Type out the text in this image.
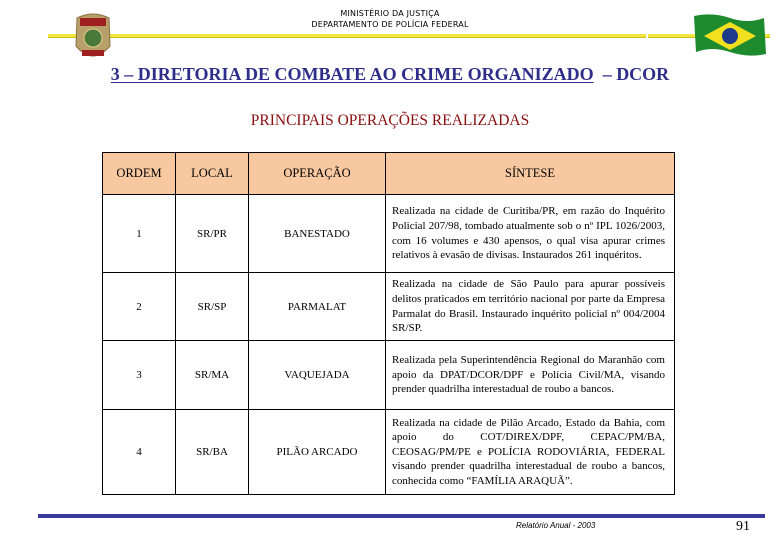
MINISTÉRIO DA JUSTIÇA
DEPARTAMENTO DE POLÍCIA FEDERAL
3 – DIRETORIA DE COMBATE AO CRIME ORGANIZADO – DCOR
PRINCIPAIS OPERAÇÕES REALIZADAS
ORDEM	LOCAL	OPERAÇÃO	SÍNTESE
1	SR/PR	BANESTADO	Realizada na cidade de Curitiba/PR, em razão do Inquérito Policial 207/98, tombado atualmente sob o nº IPL 1026/2003, com 16 volumes e 430 apensos, o qual visa apurar crimes relativos à evasão de divisas. Instaurados 261 inquéritos.
2	SR/SP	PARMALAT	Realizada na cidade de São Paulo para apurar possíveis delitos praticados em território nacional por parte da Empresa Parmalat do Brasil. Instaurado inquérito policial nº 004/2004 SR/SP.
3	SR/MA	VAQUEJADA	Realizada pela Superintendência Regional do Maranhão com apoio da DPAT/DCOR/DPF e Polícia Civil/MA, visando prender quadrilha interestadual de roubo a bancos.
4	SR/BA	PILÃO ARCADO	Realizada na cidade de Pilão Arcado, Estado da Bahia, com apoio do COT/DIREX/DPF, CEPAC/PM/BA, CEOSAG/PM/PE e POLÍCIA RODOVIÁRIA, FEDERAL visando prender quadrilha interestadual de roubo a bancos, conhecida como “FAMÍLIA ARAQUÃ”.
Relatório Anual - 2003	91
